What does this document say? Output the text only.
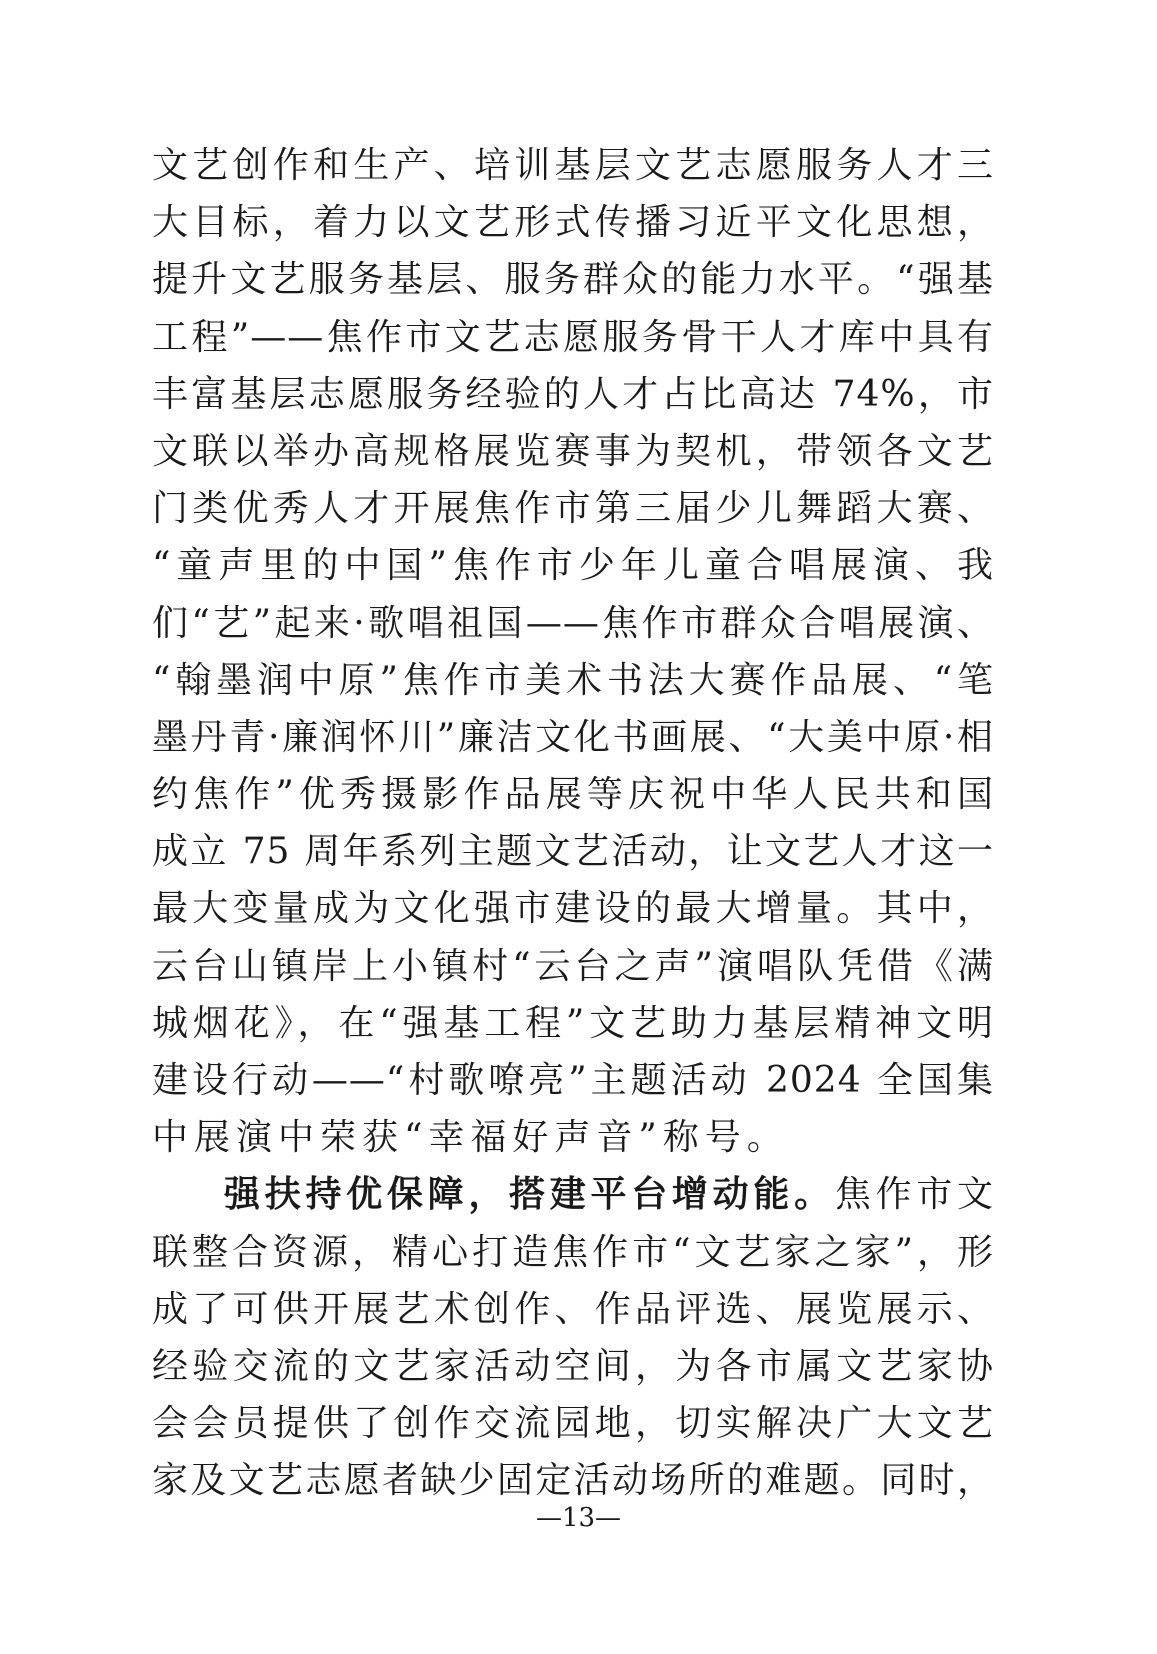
文艺创作和生产、培训基层文艺志愿服务人才三
大目标，着力以文艺形式传播习近平文化思想，
提升文艺服务基层、服务群众的能力水平。“强基
工程”——焦作市文艺志愿服务骨干人才库中具有
丰富基层志愿服务经验的人才占比高达 74%，市
文联以举办高规格展览赛事为契机，带领各文艺
门类优秀人才开展焦作市第三届少儿舞蹈大赛、
“童声里的中国”焦作市少年儿童合唱展演、我
们“艺”起来·歌唱祖国——焦作市群众合唱展演、
“翰墨润中原”焦作市美术书法大赛作品展、“笔
墨丹青·廉润怀川”廉洁文化书画展、“大美中原·相
约焦作”优秀摄影作品展等庆祝中华人民共和国
成立 75 周年系列主题文艺活动，让文艺人才这一
最大变量成为文化强市建设的最大增量。其中，
云台山镇岸上小镇村“云台之声”演唱队凭借《满
城烟花》，在“强基工程”文艺助力基层精神文明
建设行动——“村歌嘹亮”主题活动 2024 全国集
中展演中荣获“幸福好声音”称号。
强扶持优保障，搭建平台增动能。焦作市文
联整合资源，精心打造焦作市“文艺家之家”，形
成了可供开展艺术创作、作品评选、展览展示、
经验交流的文艺家活动空间，为各市属文艺家协
会会员提供了创作交流园地，切实解决广大文艺
家及文艺志愿者缺少固定活动场所的难题。同时，
—13—
